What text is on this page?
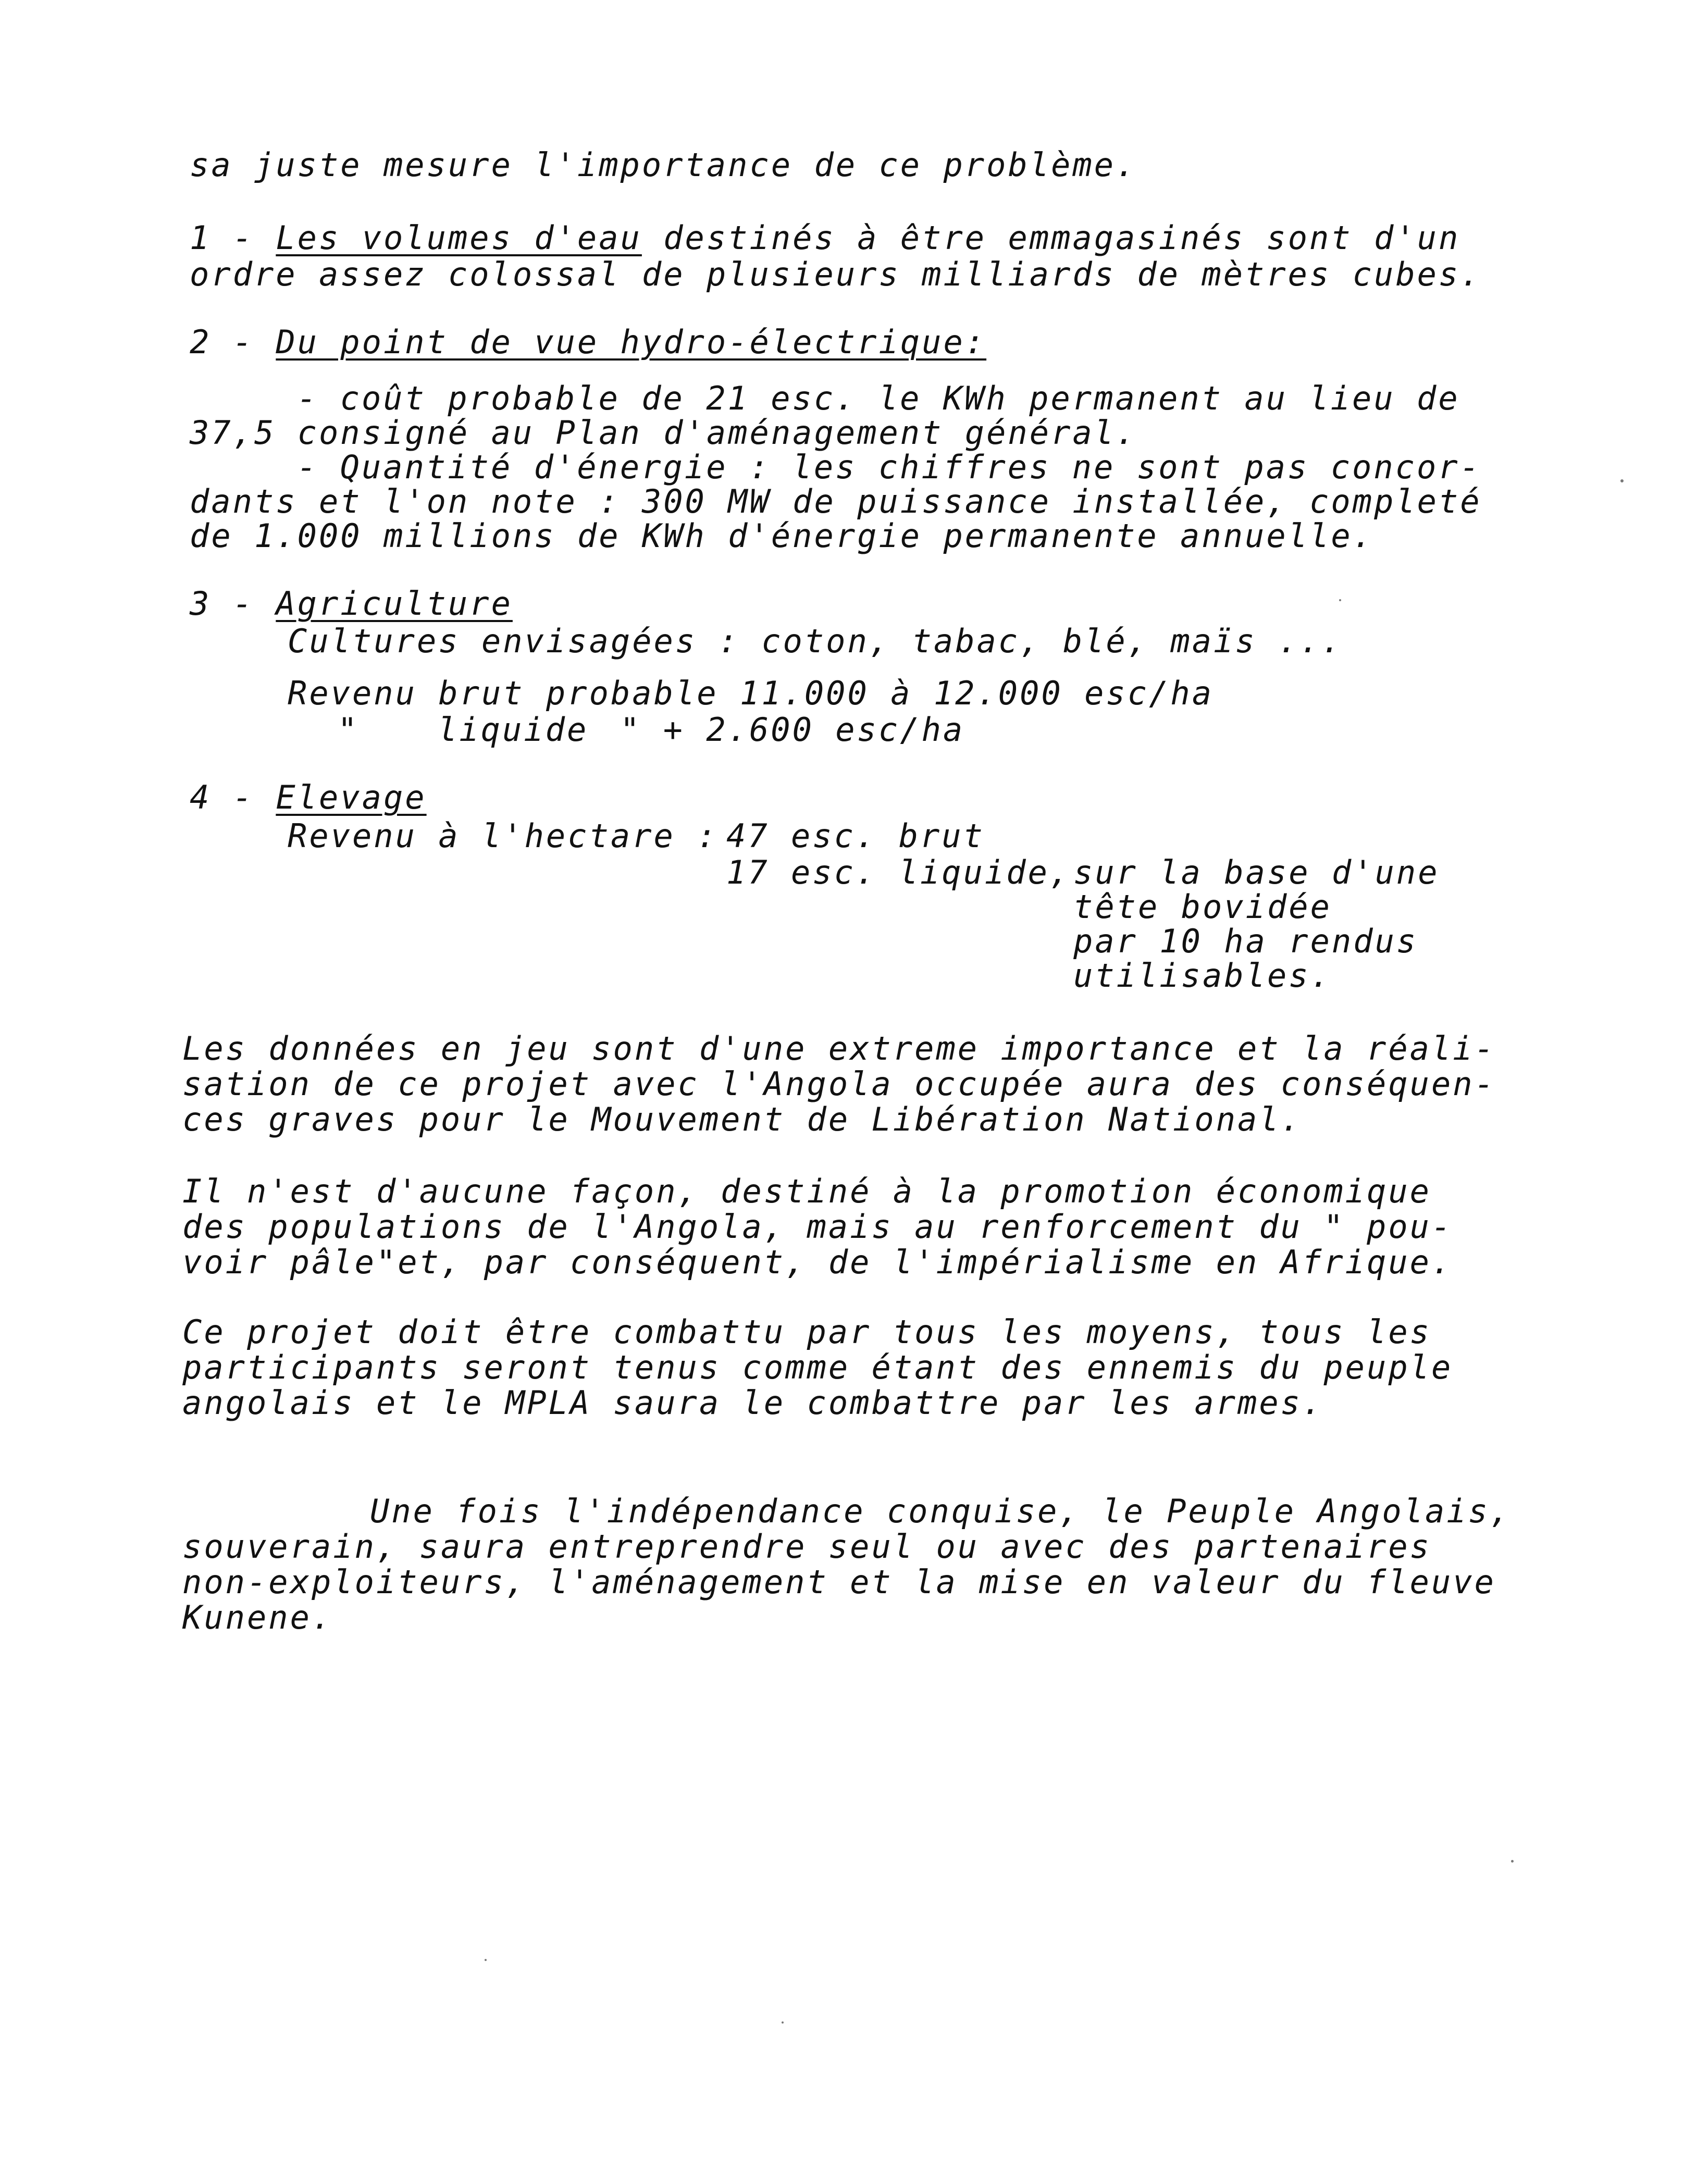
sa juste mesure l'importance de ce problème.
1 - Les volumes d'eau destinés à être emmagasinés sont d'un
ordre assez colossal de plusieurs milliards de mètres cubes.
2 - Du point de vue hydro-électrique:
- coût probable de 21 esc. le KWh permanent au lieu de
37,5 consigné au Plan d'aménagement général.
- Quantité d'énergie : les chiffres ne sont pas concor-
dants et l'on note : 300 MW de puissance installée, completé
de 1.000 millions de KWh d'énergie permanente annuelle.
3 - Agriculture
Cultures envisagées : coton, tabac, blé, maïs ...
Revenu brut probable 11.000 à 12.000 esc/ha
" liquide " + 2.600 esc/ha
4 - Elevage
Revenu à l'hectare : 47 esc. brut
17 esc. liquide, sur la base d'une
tête bovidée
par 10 ha rendus
utilisables.
Les données en jeu sont d'une extreme importance et la réali-
sation de ce projet avec l'Angola occupée aura des conséquen-
ces graves pour le Mouvement de Libération National.
Il n'est d'aucune façon, destiné à la promotion économique
des populations de l'Angola, mais au renforcement du " pou-
voir pâle"et, par conséquent, de l'impérialisme en Afrique.
Ce projet doit être combattu par tous les moyens, tous les
participants seront tenus comme étant des ennemis du peuple
angolais et le MPLA saura le combattre par les armes.
Une fois l'indépendance conquise, le Peuple Angolais,
souverain, saura entreprendre seul ou avec des partenaires
non-exploiteurs, l'aménagement et la mise en valeur du fleuve
Kunene.
